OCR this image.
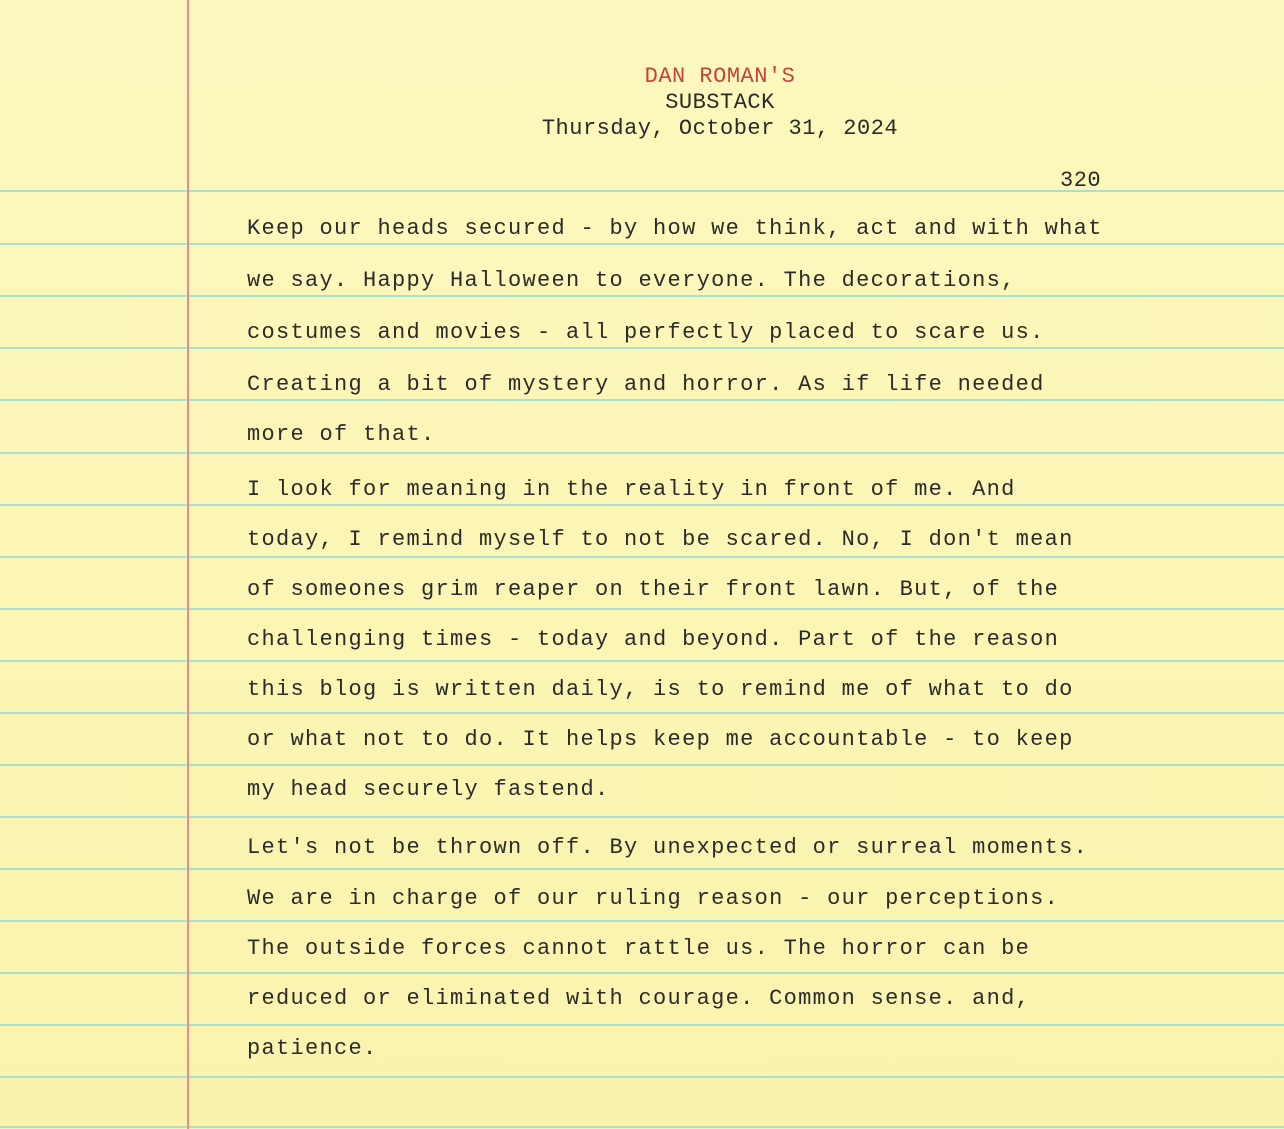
DAN ROMAN'S
SUBSTACK
Thursday, October 31, 2024
320
Keep our heads secured - by how we think, act and with what
we say. Happy Halloween to everyone. The decorations,
costumes and movies - all perfectly placed to scare us.
Creating a bit of mystery and horror. As if life needed
more of that.
I look for meaning in the reality in front of me. And
today, I remind myself to not be scared. No, I don't mean
of someones grim reaper on their front lawn. But, of the
challenging times - today and beyond. Part of the reason
this blog is written daily, is to remind me of what to do
or what not to do. It helps keep me accountable - to keep
my head securely fastend.
Let's not be thrown off. By unexpected or surreal moments.
We are in charge of our ruling reason - our perceptions.
The outside forces cannot rattle us. The horror can be
reduced or eliminated with courage. Common sense. and,
patience.
